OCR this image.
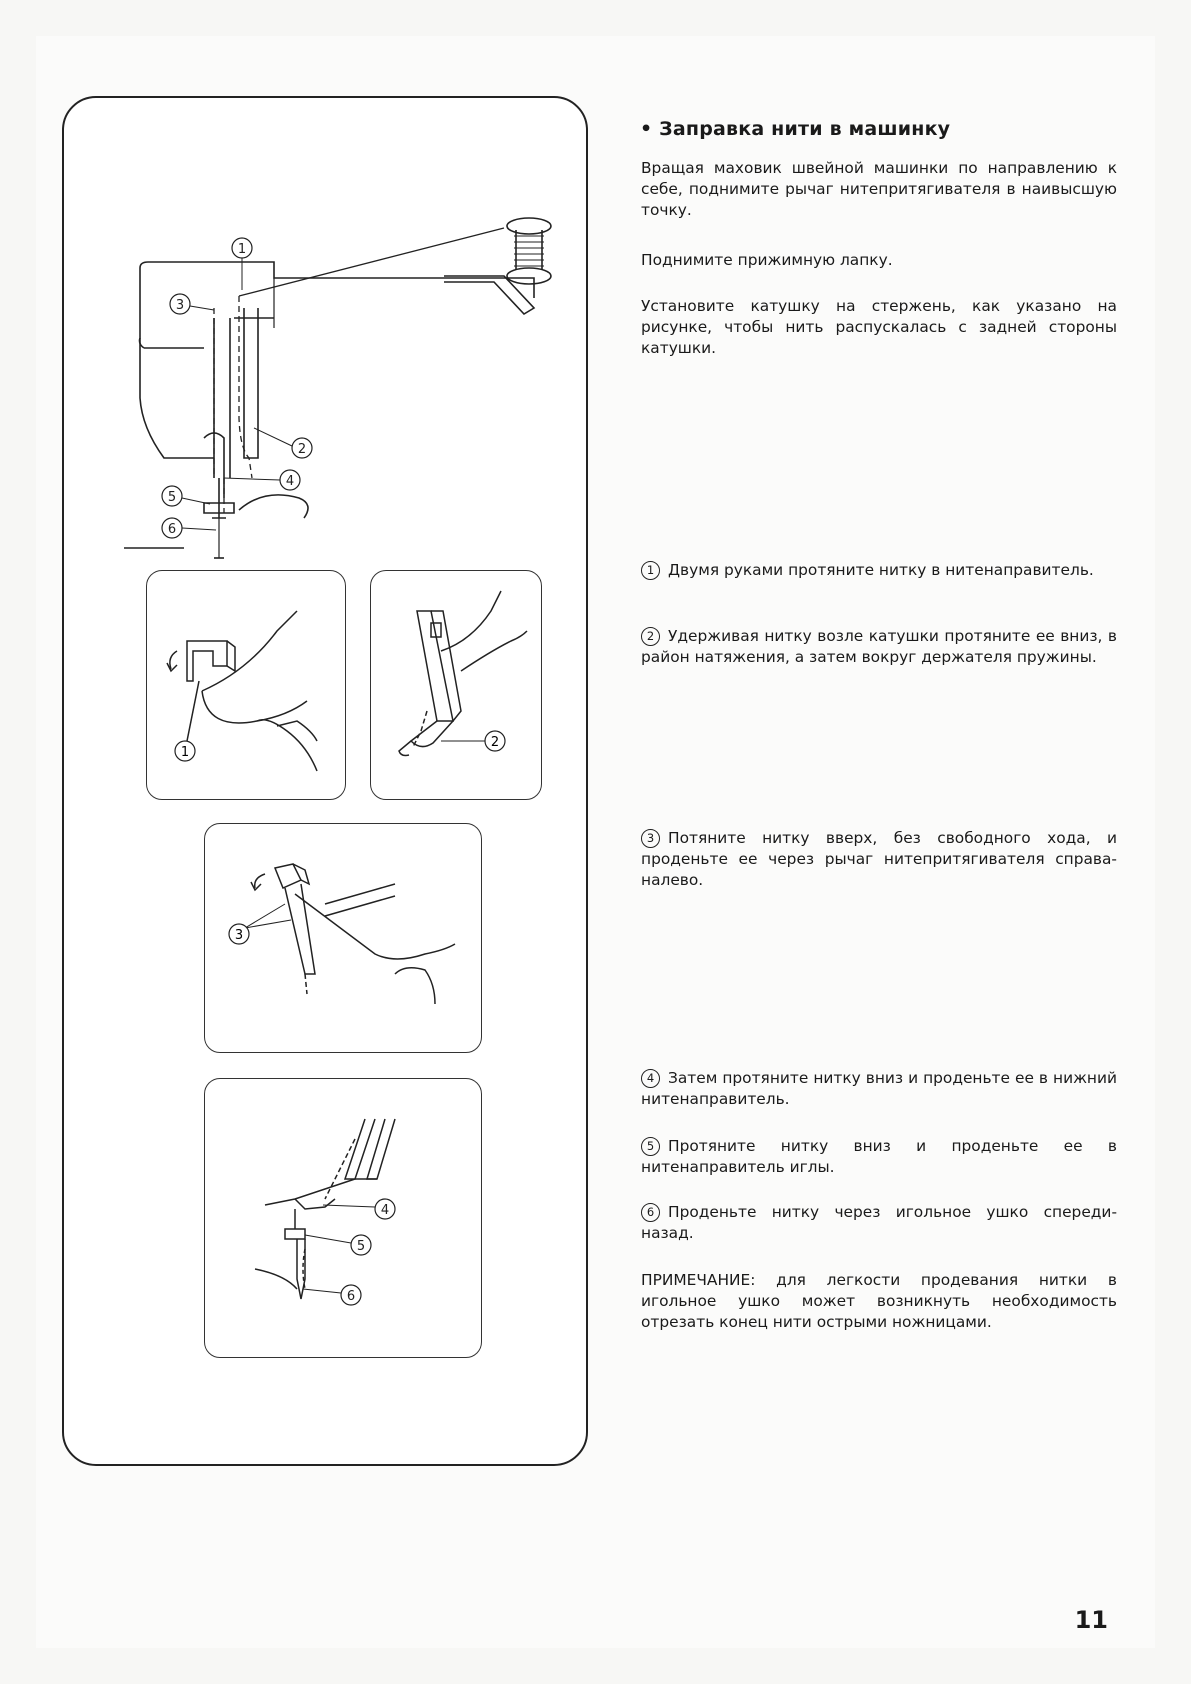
1
3
2
4
5
6
1
2
3
4
5
6
• Заправка нити в машинку

Вращая маховик швейной машинки по направлению к себе, поднимите рычаг нитепритягивателя в наивысшую точку.

Поднимите прижимную лапку.

Установите катушку на стержень, как указано на рисунке, чтобы нить распускалась с задней стороны катушки.

1 Двумя руками протяните нитку в нитенаправитель.
2 Удерживая нитку возле катушки протяните ее вниз, в район натяжения, а затем вокруг держателя пружины.
3 Потяните нитку вверх, без свободного хода, и проденьте ее через рычаг нитепритягивателя справа-налево.
4 Затем протяните нитку вниз и проденьте ее в нижний нитенаправитель.
5 Протяните нитку вниз и проденьте ее в нитенаправитель иглы.
6 Проденьте нитку через игольное ушко спереди-назад.

ПРИМЕЧАНИЕ: для легкости продевания нитки в игольное ушко может возникнуть необходимость отрезать конец нити острыми ножницами.

11
